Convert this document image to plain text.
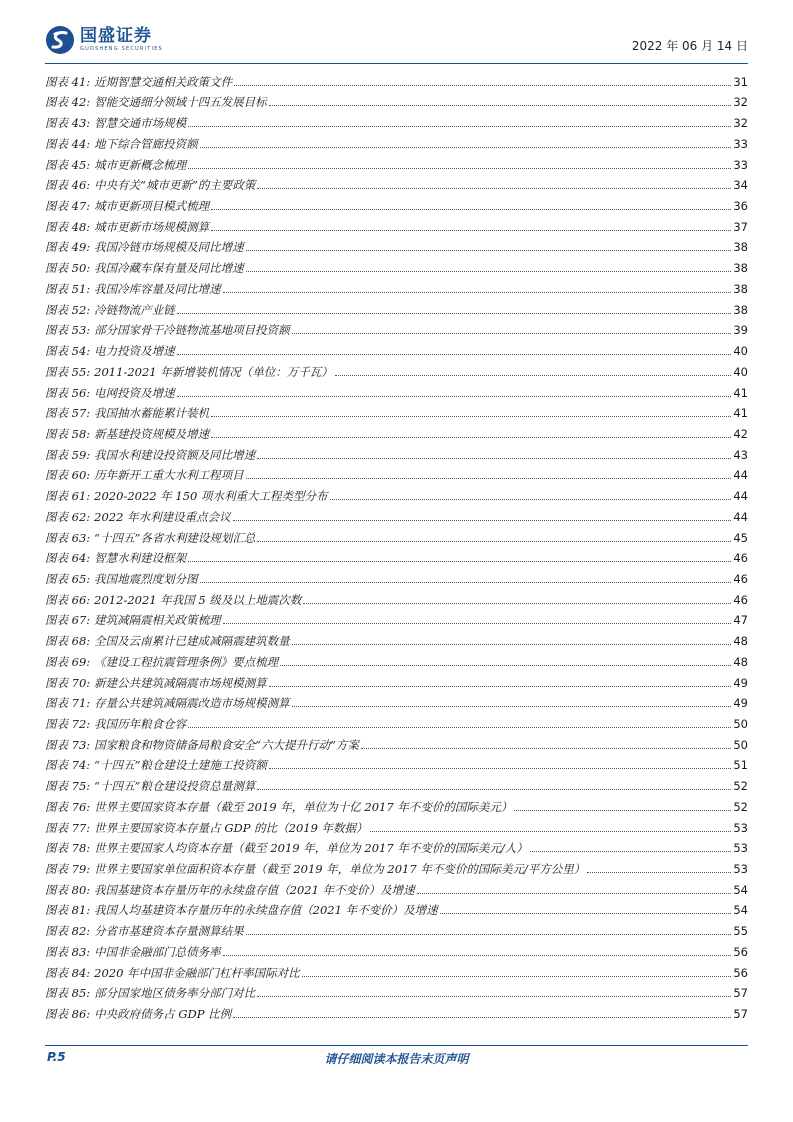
国盛证券
GUOSHENG SECURITIES	2022 年 06 月 14 日
图表 41: 近期智慧交通相关政策文件	31
图表 42: 智能交通细分领域十四五发展目标	32
图表 43: 智慧交通市场规模	32
图表 44: 地下综合管廊投资额	33
图表 45: 城市更新概念梳理	33
图表 46: 中央有关“城市更新”的主要政策	34
图表 47: 城市更新项目模式梳理	36
图表 48: 城市更新市场规模测算	37
图表 49: 我国冷链市场规模及同比增速	38
图表 50: 我国冷藏车保有量及同比增速	38
图表 51: 我国冷库容量及同比增速	38
图表 52: 冷链物流产业链	38
图表 53: 部分国家骨干冷链物流基地项目投资额	39
图表 54: 电力投资及增速	40
图表 55: 2011-2021 年新增装机情况（单位：万千瓦）	40
图表 56: 电网投资及增速	41
图表 57: 我国抽水蓄能累计装机	41
图表 58: 新基建投资规模及增速	42
图表 59: 我国水利建设投资额及同比增速	43
图表 60: 历年新开工重大水利工程项目	44
图表 61: 2020-2022 年 150 项水利重大工程类型分布	44
图表 62: 2022 年水利建设重点会议	44
图表 63: “十四五”各省水利建设规划汇总	45
图表 64: 智慧水利建设框架	46
图表 65: 我国地震烈度划分图	46
图表 66: 2012-2021 年我国 5 级及以上地震次数	46
图表 67: 建筑减隔震相关政策梳理	47
图表 68: 全国及云南累计已建成减隔震建筑数量	48
图表 69: 《建设工程抗震管理条例》要点梳理	48
图表 70: 新建公共建筑减隔震市场规模测算	49
图表 71: 存量公共建筑减隔震改造市场规模测算	49
图表 72: 我国历年粮食仓容	50
图表 73: 国家粮食和物资储备局粮食安全“六大提升行动”方案	50
图表 74: “十四五”粮仓建设土建施工投资额	51
图表 75: “十四五”粮仓建设投资总量测算	52
图表 76: 世界主要国家资本存量（截至 2019 年，单位为十亿 2017 年不变价的国际美元）	52
图表 77: 世界主要国家资本存量占 GDP 的比（2019 年数据）	53
图表 78: 世界主要国家人均资本存量（截至 2019 年，单位为 2017 年不变价的国际美元/人）	53
图表 79: 世界主要国家单位面积资本存量（截至 2019 年，单位为 2017 年不变价的国际美元/平方公里）	53
图表 80: 我国基建资本存量历年的永续盘存值（2021 年不变价）及增速	54
图表 81: 我国人均基建资本存量历年的永续盘存值（2021 年不变价）及增速	54
图表 82: 分省市基建资本存量测算结果	55
图表 83: 中国非金融部门总债务率	56
图表 84: 2020 年中国非金融部门杠杆率国际对比	56
图表 85: 部分国家地区债务率分部门对比	57
图表 86: 中央政府债务占 GDP 比例	57
P.5	请仔细阅读本报告末页声明
